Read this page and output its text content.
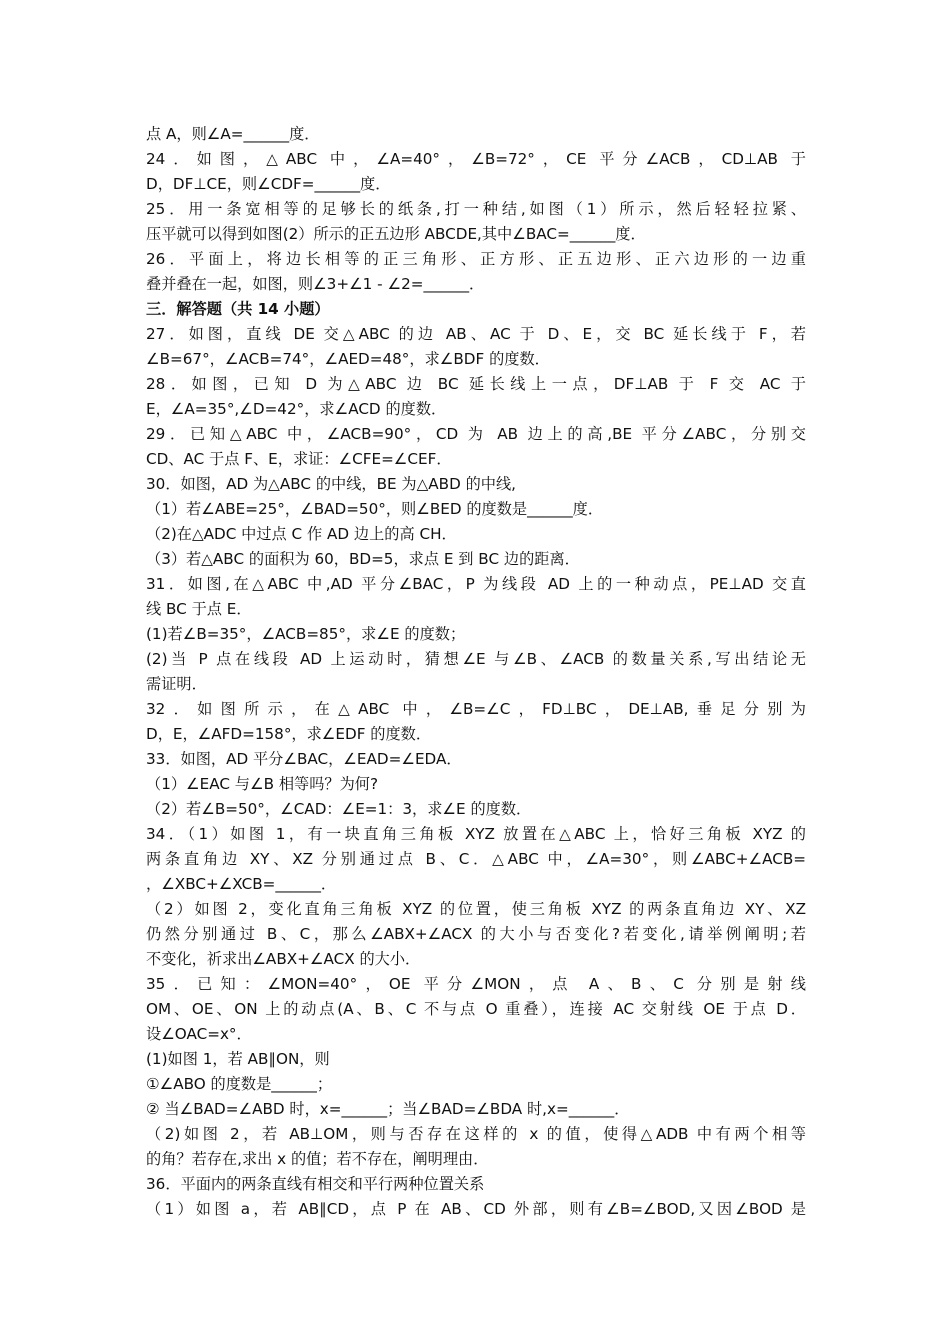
点 A，则∠A=______度．
24．如图，△ABC 中，∠A=40°，∠B=72°，CE 平分∠ACB，CD⊥AB 于
D，DF⊥CE，则∠CDF=______度．
25．用一条宽相等的足够长的纸条,打一种结,如图（1）所示，然后轻轻拉紧、
压平就可以得到如图(2）所示的正五边形 ABCDE,其中∠BAC=______度．
26．平面上，将边长相等的正三角形、正方形、正五边形、正六边形的一边重
叠并叠在一起，如图，则∠3+∠1 - ∠2=______．
三．解答题（共 14 小题）
27．如图，直线 DE 交△ABC 的边 AB、AC 于 D、E，交 BC 延长线于 F，若
∠B=67°，∠ACB=74°，∠AED=48°，求∠BDF 的度数．
28．如图，已知 D 为△ABC 边 BC 延长线上一点，DF⊥AB 于 F 交 AC 于
E，∠A=35°,∠D=42°，求∠ACD 的度数．
29．已知△ABC 中，∠ACB=90°，CD 为 AB 边上的高,BE 平分∠ABC，分别交
CD、AC 于点 F、E，求证：∠CFE=∠CEF．
30．如图，AD 为△ABC 的中线，BE 为△ABD 的中线,
（1）若∠ABE=25°，∠BAD=50°，则∠BED 的度数是______度．
（2)在△ADC 中过点 C 作 AD 边上的高 CH．
（3）若△ABC 的面积为 60，BD=5，求点 E 到 BC 边的距离．
31．如图,在△ABC 中,AD 平分∠BAC，P 为线段 AD 上的一种动点，PE⊥AD 交直
线 BC 于点 E．
(1)若∠B=35°，∠ACB=85°，求∠E 的度数；
(2)当 P 点在线段 AD 上运动时，猜想∠E 与∠B、∠ACB 的数量关系,写出结论无
需证明．
32．如图所示，在△ABC 中，∠B=∠C，FD⊥BC，DE⊥AB,垂足分别为
D，E，∠AFD=158°，求∠EDF 的度数．
33．如图，AD 平分∠BAC，∠EAD=∠EDA．
（1）∠EAC 与∠B 相等吗？为何?
（2）若∠B=50°，∠CAD：∠E=1：3，求∠E 的度数．
34．（1）如图 1，有一块直角三角板 XYZ 放置在△ABC 上，恰好三角板 XYZ 的
两条直角边 XY、XZ 分别通过点 B、C．△ABC 中，∠A=30°，则∠ABC+∠ACB=
，∠XBC+∠XCB=______．
（2）如图 2，变化直角三角板 XYZ 的位置，使三角板 XYZ 的两条直角边 XY、XZ
仍然分别通过 B、C，那么∠ABX+∠ACX 的大小与否变化?若变化,请举例阐明;若
不变化，祈求出∠ABX+∠ACX 的大小．
35．已知：∠MON=40°，OE 平分∠MON，点 A、B、C 分别是射线
OM、OE、ON 上的动点(A、B、C 不与点 O 重叠），连接 AC 交射线 OE 于点 D．
设∠OAC=x°．
(1)如图 1，若 AB∥ON，则
①∠ABO 的度数是______；
② 当∠BAD=∠ABD 时，x=______；当∠BAD=∠BDA 时,x=______．
（2)如图 2，若 AB⊥OM，则与否存在这样的 x 的值，使得△ADB 中有两个相等
的角？若存在,求出 x 的值；若不存在，阐明理由．
36．平面内的两条直线有相交和平行两种位置关系
（1）如图 a，若 AB∥CD，点 P 在 AB、CD 外部，则有∠B=∠BOD,又因∠BOD 是
